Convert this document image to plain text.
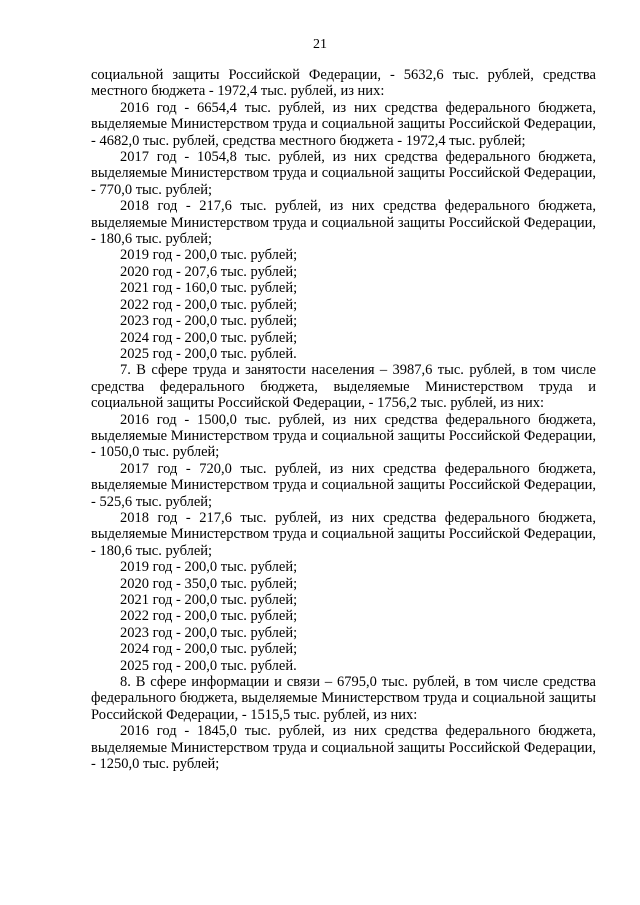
21

социальной защиты Российской Федерации, - 5632,6 тыс. рублей, средства местного бюджета - 1972,4 тыс. рублей, из них:

2016 год - 6654,4 тыс. рублей, из них средства федерального бюджета, выделяемые Министерством труда и социальной защиты Российской Федерации, - 4682,0 тыс. рублей, средства местного бюджета - 1972,4 тыс. рублей;

2017 год - 1054,8 тыс. рублей, из них средства федерального бюджета, выделяемые Министерством труда и социальной защиты Российской Федерации, - 770,0 тыс. рублей;

2018 год - 217,6 тыс. рублей, из них средства федерального бюджета, выделяемые Министерством труда и социальной защиты Российской Федерации, - 180,6 тыс. рублей;

2019 год - 200,0 тыс. рублей;

2020 год - 207,6 тыс. рублей;

2021 год - 160,0 тыс. рублей;

2022 год - 200,0 тыс. рублей;

2023 год - 200,0 тыс. рублей;

2024 год - 200,0 тыс. рублей;

2025 год - 200,0 тыс. рублей.

7. В сфере труда и занятости населения – 3987,6 тыс. рублей, в том числе средства федерального бюджета, выделяемые Министерством труда и социальной защиты Российской Федерации, - 1756,2 тыс. рублей, из них:

2016 год - 1500,0 тыс. рублей, из них средства федерального бюджета, выделяемые Министерством труда и социальной защиты Российской Федерации, - 1050,0 тыс. рублей;

2017 год - 720,0 тыс. рублей, из них средства федерального бюджета, выделяемые Министерством труда и социальной защиты Российской Федерации, - 525,6 тыс. рублей;

2018 год - 217,6 тыс. рублей, из них средства федерального бюджета, выделяемые Министерством труда и социальной защиты Российской Федерации, - 180,6 тыс. рублей;

2019 год - 200,0 тыс. рублей;

2020 год - 350,0 тыс. рублей;

2021 год - 200,0 тыс. рублей;

2022 год - 200,0 тыс. рублей;

2023 год - 200,0 тыс. рублей;

2024 год - 200,0 тыс. рублей;

2025 год - 200,0 тыс. рублей.

8. В сфере информации и связи – 6795,0 тыс. рублей, в том числе средства федерального бюджета, выделяемые Министерством труда и социальной защиты Российской Федерации, - 1515,5 тыс. рублей, из них:

2016 год - 1845,0 тыс. рублей, из них средства федерального бюджета, выделяемые Министерством труда и социальной защиты Российской Федерации, - 1250,0 тыс. рублей;
